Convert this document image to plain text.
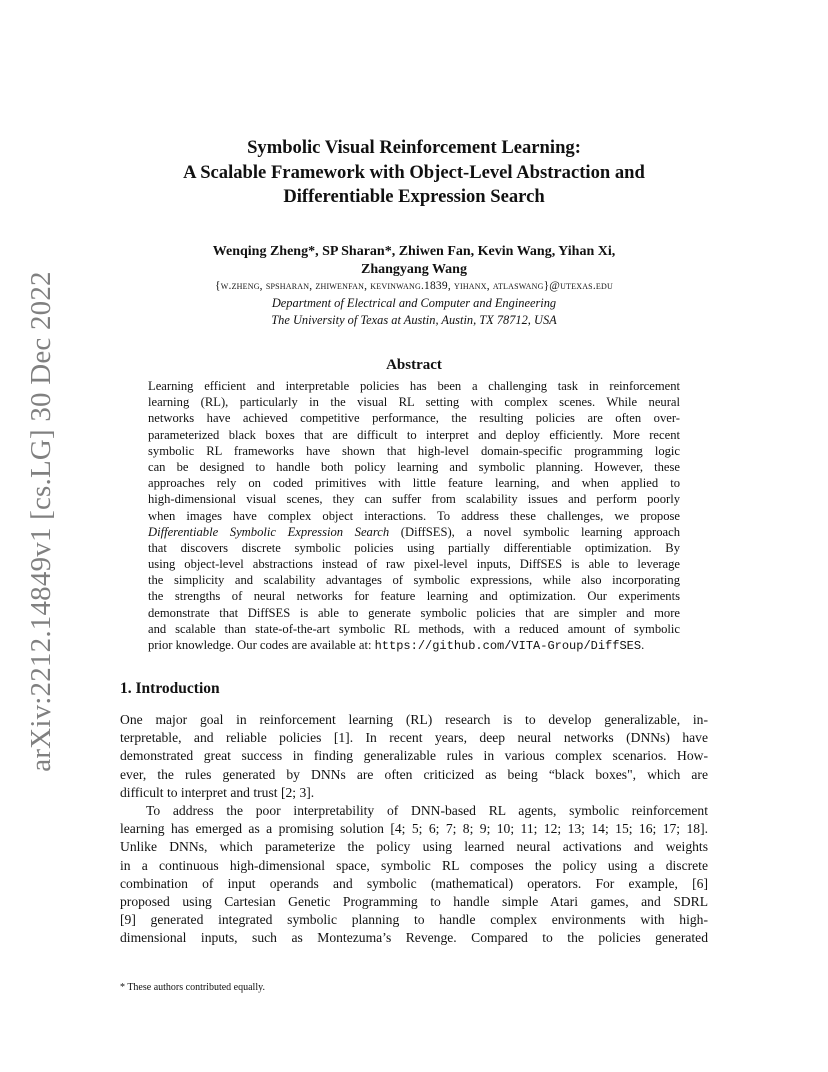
arXiv:2212.14849v1 [cs.LG] 30 Dec 2022
Symbolic Visual Reinforcement Learning:
A Scalable Framework with Object-Level Abstraction and
Differentiable Expression Search
Wenqing Zheng*, SP Sharan*, Zhiwen Fan, Kevin Wang, Yihan Xi,
Zhangyang Wang
{w.zheng, spsharan, zhiwenfan, kevinwang.1839, yihanx, atlaswang}@utexas.edu
Department of Electrical and Computer and Engineering
The University of Texas at Austin, Austin, TX 78712, USA
Abstract
Learning efficient and interpretable policies has been a challenging task in reinforcement
learning (RL), particularly in the visual RL setting with complex scenes. While neural
networks have achieved competitive performance, the resulting policies are often over-
parameterized black boxes that are difficult to interpret and deploy efficiently. More recent
symbolic RL frameworks have shown that high-level domain-specific programming logic
can be designed to handle both policy learning and symbolic planning. However, these
approaches rely on coded primitives with little feature learning, and when applied to
high-dimensional visual scenes, they can suffer from scalability issues and perform poorly
when images have complex object interactions. To address these challenges, we propose
Differentiable Symbolic Expression Search (DiffSES), a novel symbolic learning approach
that discovers discrete symbolic policies using partially differentiable optimization. By
using object-level abstractions instead of raw pixel-level inputs, DiffSES is able to leverage
the simplicity and scalability advantages of symbolic expressions, while also incorporating
the strengths of neural networks for feature learning and optimization. Our experiments
demonstrate that DiffSES is able to generate symbolic policies that are simpler and more
and scalable than state-of-the-art symbolic RL methods, with a reduced amount of symbolic
prior knowledge. Our codes are available at: https://github.com/VITA-Group/DiffSES.
1. Introduction
One major goal in reinforcement learning (RL) research is to develop generalizable, in-
terpretable, and reliable policies [1]. In recent years, deep neural networks (DNNs) have
demonstrated great success in finding generalizable rules in various complex scenarios. How-
ever, the rules generated by DNNs are often criticized as being “black boxes", which are
difficult to interpret and trust [2; 3].
To address the poor interpretability of DNN-based RL agents, symbolic reinforcement
learning has emerged as a promising solution [4; 5; 6; 7; 8; 9; 10; 11; 12; 13; 14; 15; 16; 17; 18].
Unlike DNNs, which parameterize the policy using learned neural activations and weights
in a continuous high-dimensional space, symbolic RL composes the policy using a discrete
combination of input operands and symbolic (mathematical) operators. For example, [6]
proposed using Cartesian Genetic Programming to handle simple Atari games, and SDRL
[9] generated integrated symbolic planning to handle complex environments with high-
dimensional inputs, such as Montezuma’s Revenge. Compared to the policies generated
* These authors contributed equally.
